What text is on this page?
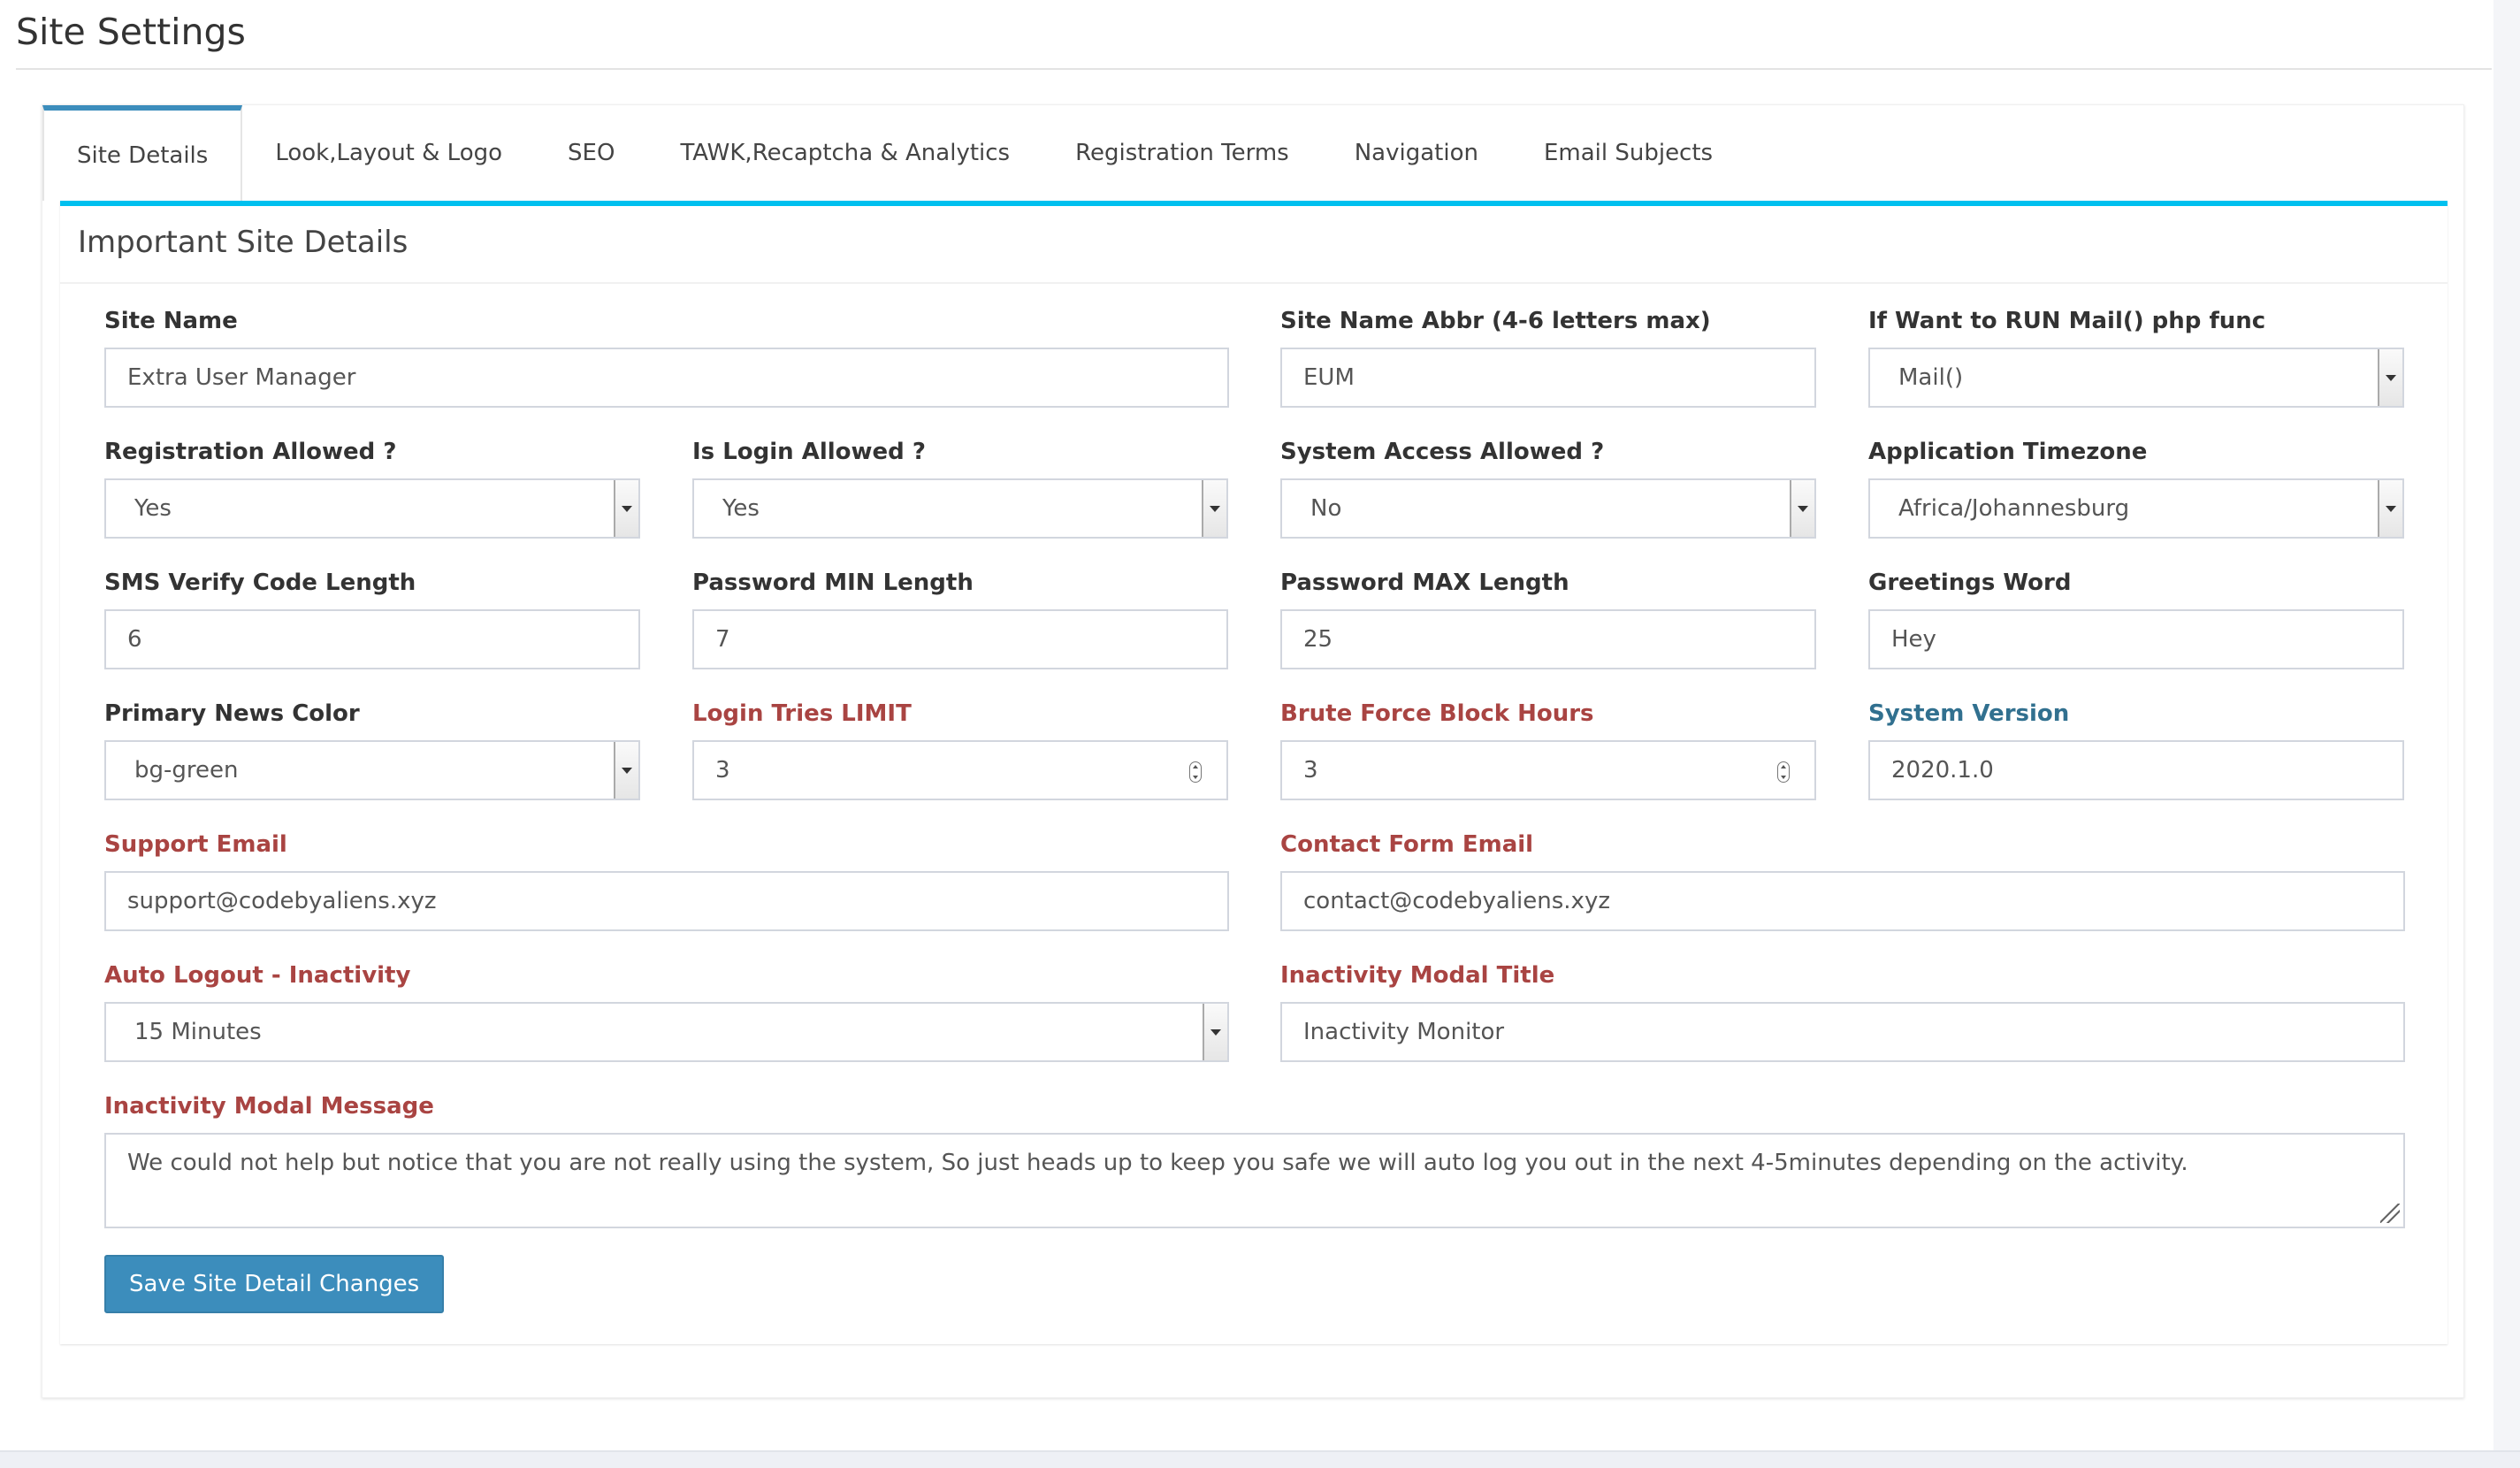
Site Settings
Site Details	Look,Layout & Logo	SEO	TAWK,Recaptcha & Analytics	Registration Terms	Navigation	Email Subjects
Important Site Details
Site Name
Extra User Manager
Site Name Abbr (4-6 letters max)
EUM
If Want to RUN Mail() php func
Mail()
Registration Allowed ?
Yes
Is Login Allowed ?
Yes
System Access Allowed ?
No
Application Timezone
Africa/Johannesburg
SMS Verify Code Length
6
Password MIN Length
7
Password MAX Length
25
Greetings Word
Hey
Primary News Color
bg-green
Login Tries LIMIT
3
Brute Force Block Hours
3
System Version
2020.1.0
Support Email
support@codebyaliens.xyz
Contact Form Email
contact@codebyaliens.xyz
Auto Logout - Inactivity
15 Minutes
Inactivity Modal Title
Inactivity Monitor
Inactivity Modal Message
We could not help but notice that you are not really using the system, So just heads up to keep you safe we will auto log you out in the next 4-5minutes depending on the activity.
Save Site Detail Changes
